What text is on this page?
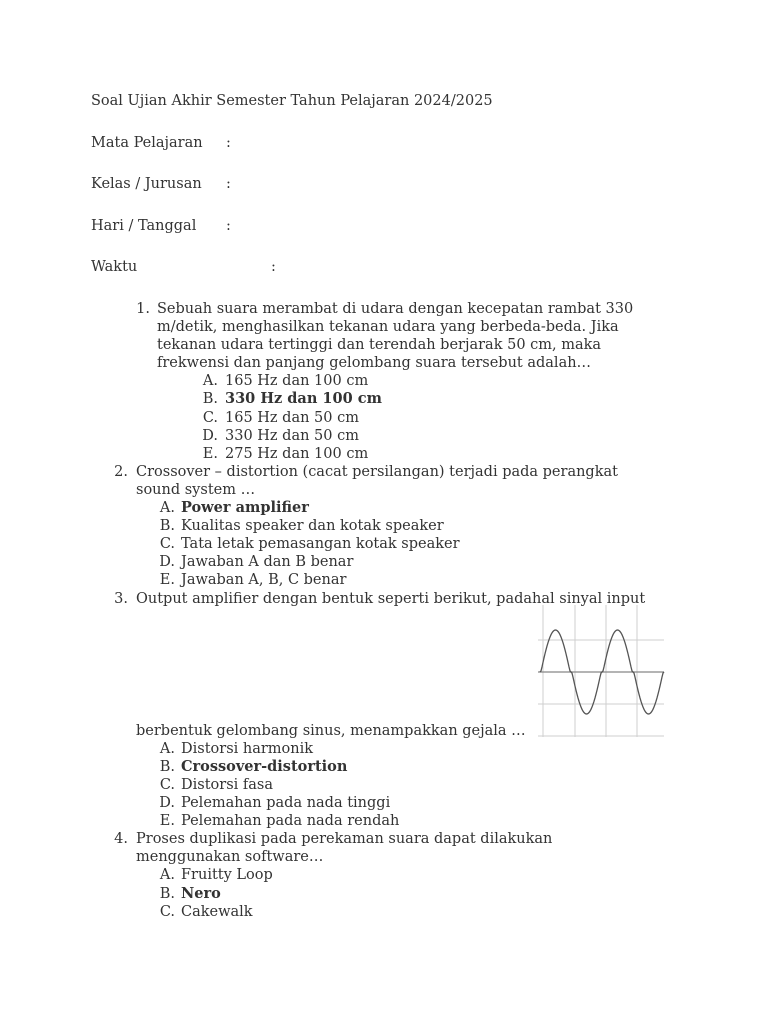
Soal Ujian Akhir Semester Tahun Pelajaran 2024/2025
Mata Pelajaran :
Kelas / Jurusan :
Hari / Tanggal :
Waktu	:
1. Sebuah suara merambat di udara dengan kecepatan rambat 330
m/detik, menghasilkan tekanan udara yang berbeda-beda. Jika
tekanan udara tertinggi dan terendah berjarak 50 cm, maka
frekwensi dan panjang gelombang suara tersebut adalah…
A. 165 Hz dan 100 cm
B. 330 Hz dan 100 cm
C. 165 Hz dan 50 cm
D. 330 Hz dan 50 cm
E. 275 Hz dan 100 cm
2. Crossover – distortion (cacat persilangan) terjadi pada perangkat
sound system …
A. Power amplifier
B. Kualitas speaker dan kotak speaker
C. Tata letak pemasangan kotak speaker
D. Jawaban A dan B benar
E. Jawaban A, B, C benar
3. Output amplifier dengan bentuk seperti berikut, padahal sinyal input
berbentuk gelombang sinus, menampakkan gejala …
A. Distorsi harmonik
B. Crossover-distortion
C. Distorsi fasa
D. Pelemahan pada nada tinggi
E. Pelemahan pada nada rendah
4. Proses duplikasi pada perekaman suara dapat dilakukan
menggunakan software…
A. Fruitty Loop
B. Nero
C. Cakewalk
